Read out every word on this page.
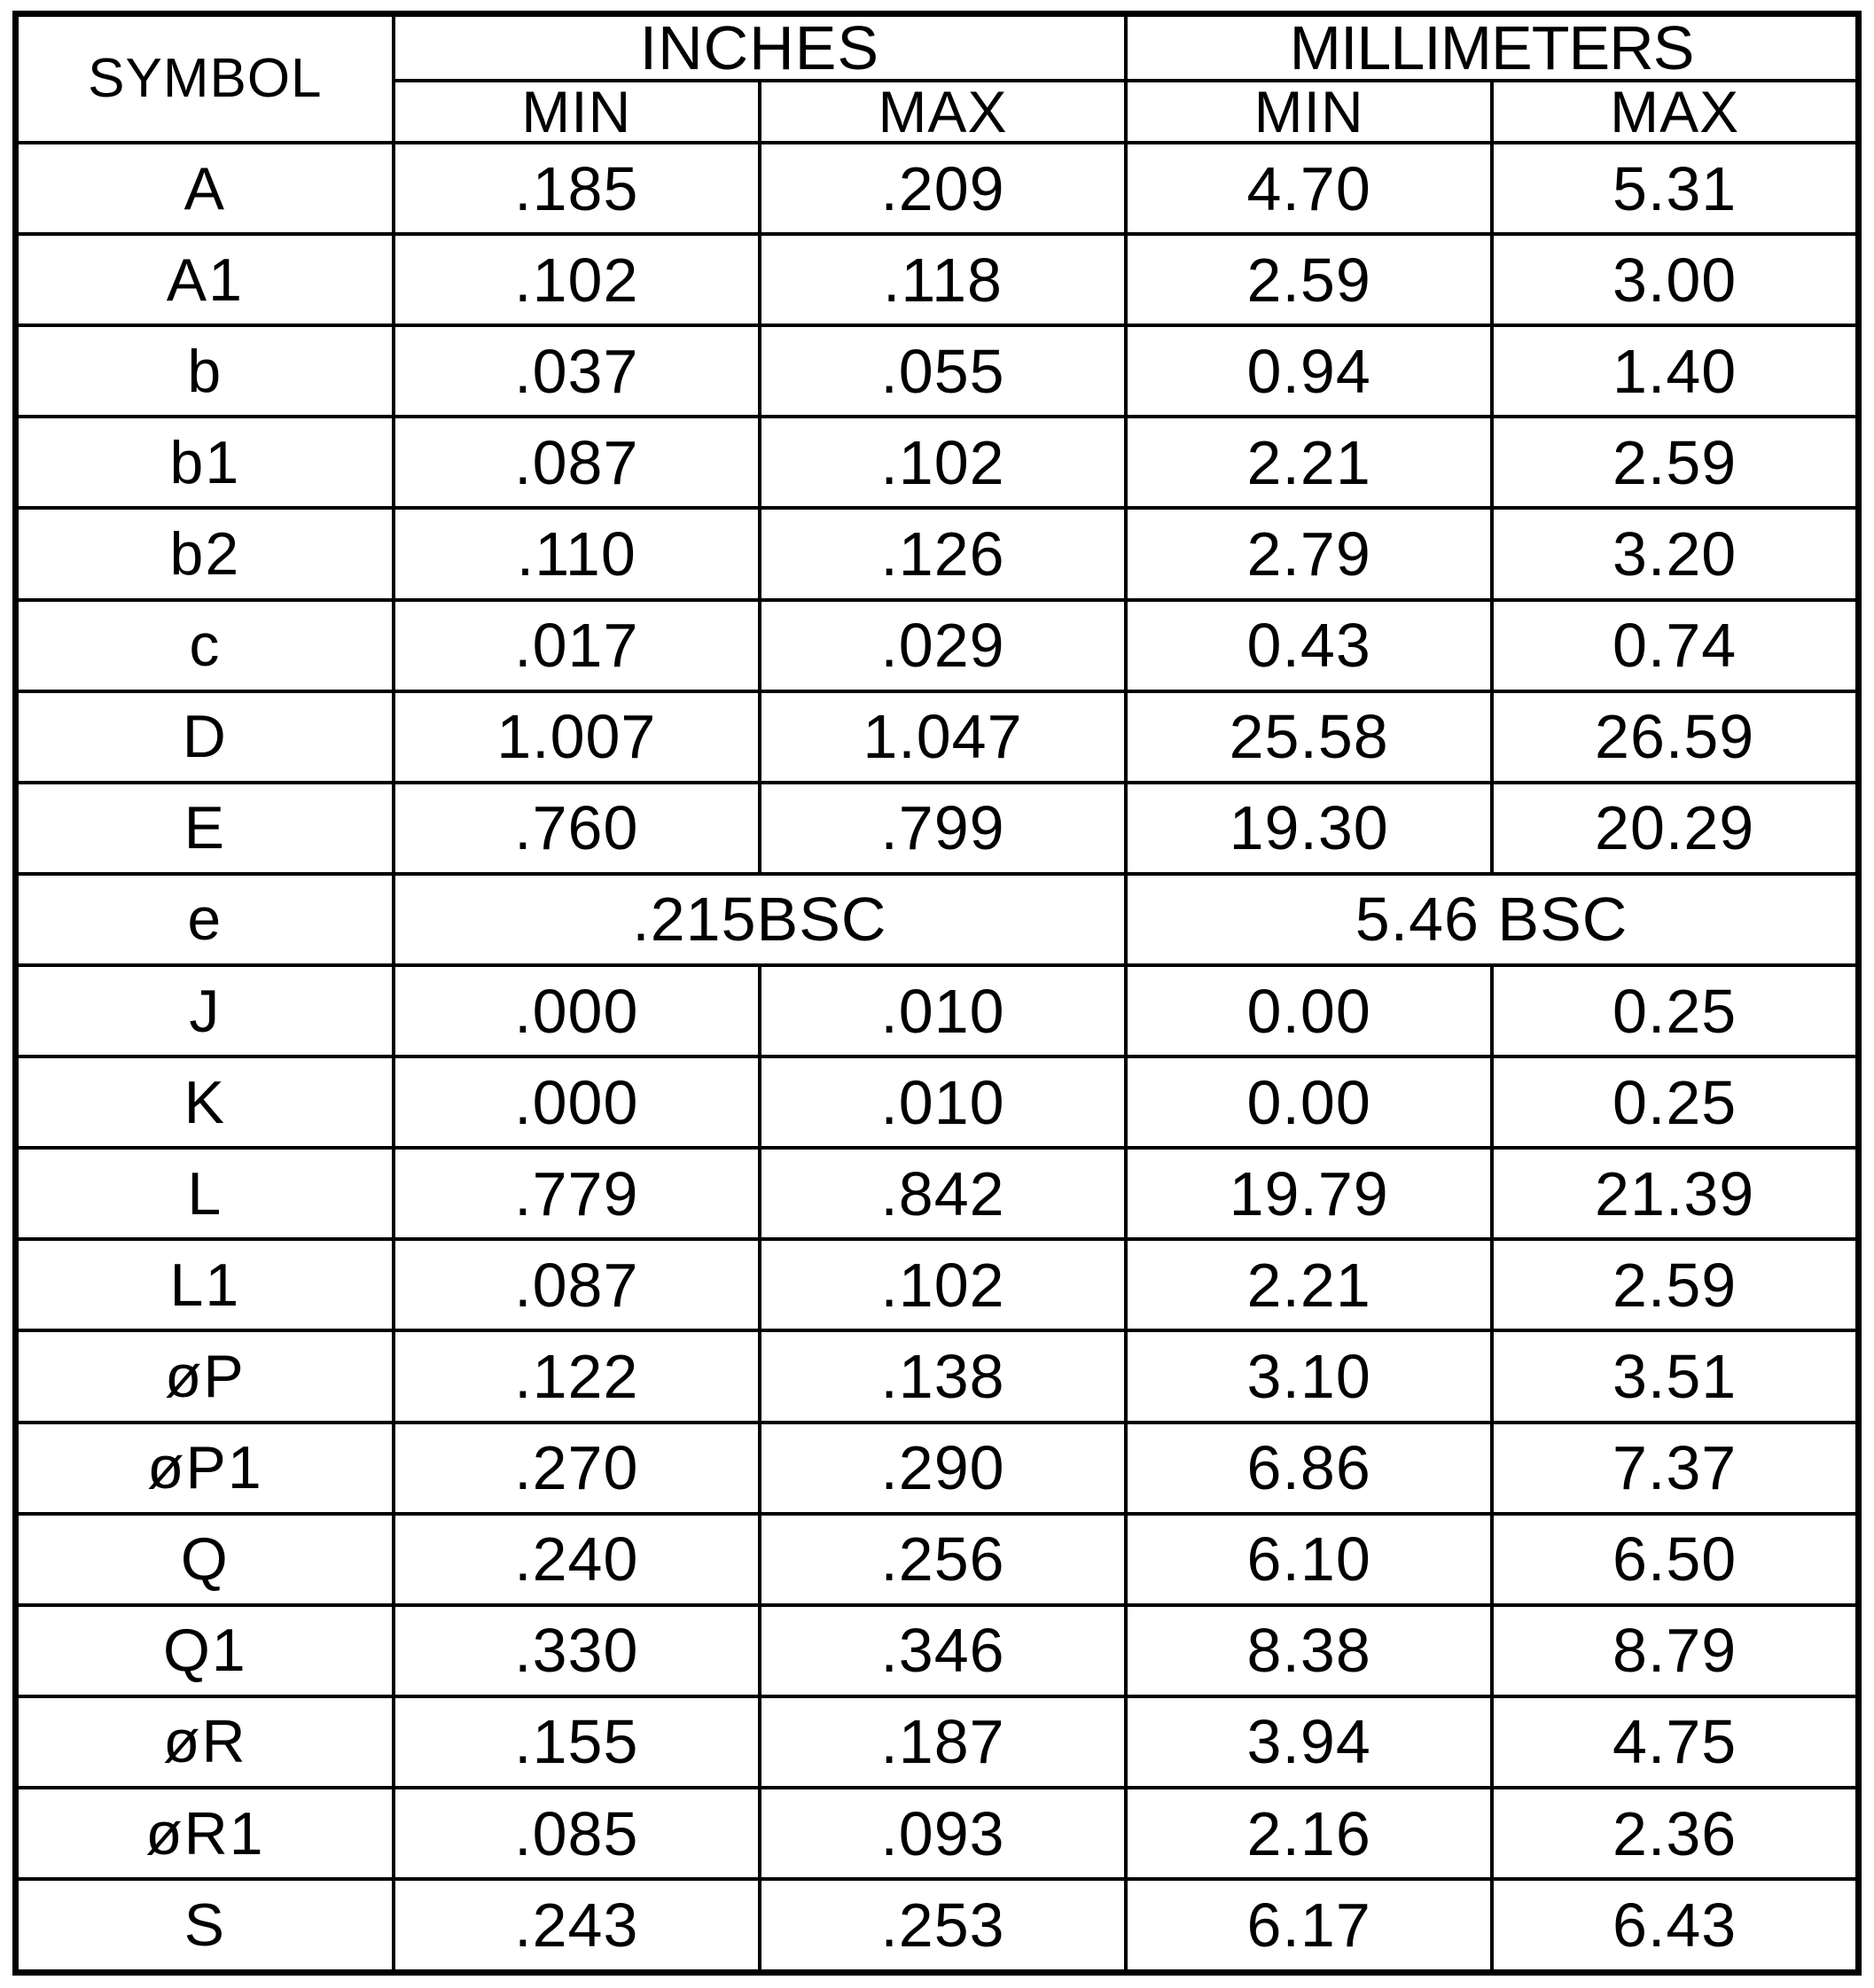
SYMBOL	INCHES		MILLIMETERS	
	MIN	MAX	MIN	MAX
A	.185	.209	4.70	5.31
A1	.102	.118	2.59	3.00
b	.037	.055	0.94	1.40
b1	.087	.102	2.21	2.59
b2	.110	.126	2.79	3.20
c	.017	.029	0.43	0.74
D	1.007	1.047	25.58	26.59
E	.760	.799	19.30	20.29
e	.215BSC		5.46 BSC	
J	.000	.010	0.00	0.25
K	.000	.010	0.00	0.25
L	.779	.842	19.79	21.39
L1	.087	.102	2.21	2.59
øP	.122	.138	3.10	3.51
øP1	.270	.290	6.86	7.37
Q	.240	.256	6.10	6.50
Q1	.330	.346	8.38	8.79
øR	.155	.187	3.94	4.75
øR1	.085	.093	2.16	2.36
S	.243	.253	6.17	6.43
